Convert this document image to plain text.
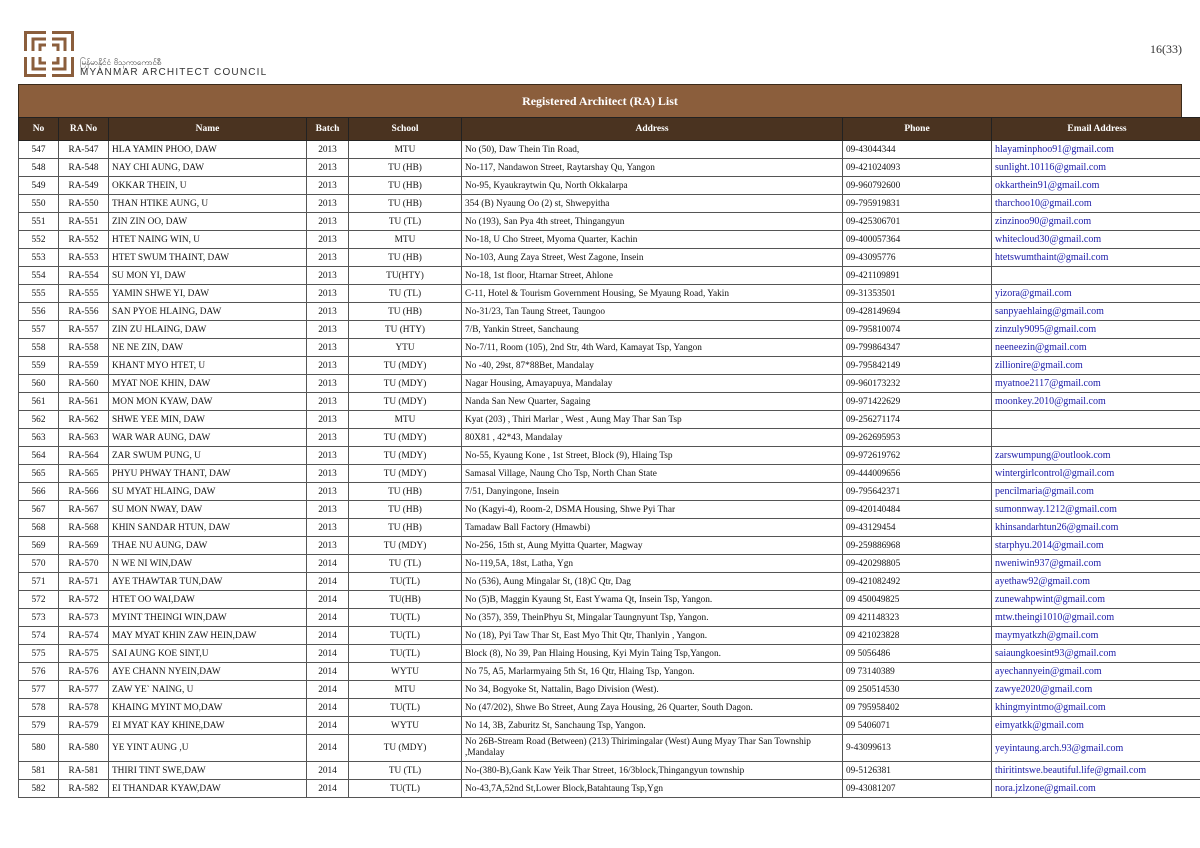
မြန်မာနိုင်ငံ ဗိသုကာကောင်စီ
MYANMAR ARCHITECT COUNCIL
16(33)
Registered Architect (RA) List
No	RA No	Name	Batch	School	Address	Phone	Email Address
547	RA-547	HLA YAMIN PHOO, DAW	2013	MTU	No (50), Daw Thein Tin Road,	09-43044344	hlayaminphoo91@gmail.com
548	RA-548	NAY CHI AUNG, DAW	2013	TU (HB)	No-117, Nandawon Street, Raytarshay Qu, Yangon	09-421024093	sunlight.10116@gmail.com
549	RA-549	OKKAR THEIN, U	2013	TU (HB)	No-95, Kyaukraytwin Qu, North Okkalarpa	09-960792600	okkarthein91@gmail.com
550	RA-550	THAN HTIKE AUNG, U	2013	TU (HB)	354 (B) Nyaung Oo (2) st, Shwepyitha	09-795919831	tharchoo10@gmail.com
551	RA-551	ZIN ZIN OO, DAW	2013	TU (TL)	No (193), San Pya 4th street, Thingangyun	09-425306701	zinzinoo90@gmail.com
552	RA-552	HTET NAING WIN, U	2013	MTU	No-18, U Cho Street, Myoma Quarter, Kachin	09-400057364	whitecloud30@gmail.com
553	RA-553	HTET SWUM THAINT, DAW	2013	TU (HB)	No-103, Aung Zaya Street, West Zagone, Insein	09-43095776	htetswumthaint@gmail.com
554	RA-554	SU MON YI, DAW	2013	TU(HTY)	No-18, 1st floor, Htarnar Street, Ahlone	09-421109891	
555	RA-555	YAMIN SHWE YI, DAW	2013	TU (TL)	C-11, Hotel & Tourism Government Housing, Se Myaung Road, Yakin	09-31353501	yizora@gmail.com
556	RA-556	SAN PYOE HLAING, DAW	2013	TU (HB)	No-31/23, Tan Taung Street, Taungoo	09-428149694	sanpyaehlaing@gmail.com
557	RA-557	ZIN ZU HLAING, DAW	2013	TU (HTY)	7/B, Yankin Street, Sanchaung	09-795810074	zinzuly9095@gmail.com
558	RA-558	NE NE ZIN, DAW	2013	YTU	No-7/11, Room (105), 2nd Str, 4th Ward, Kamayat Tsp, Yangon	09-799864347	neeneezin@gmail.com
559	RA-559	KHANT MYO HTET, U	2013	TU (MDY)	No -40, 29st, 87*88Bet, Mandalay	09-795842149	zillionire@gmail.com
560	RA-560	MYAT NOE KHIN, DAW	2013	TU (MDY)	Nagar Housing, Amayapuya, Mandalay	09-960173232	myatnoe2117@gmail.com
561	RA-561	MON MON KYAW, DAW	2013	TU (MDY)	Nanda San New Quarter, Sagaing	09-971422629	moonkey.2010@gmail.com
562	RA-562	SHWE YEE MIN, DAW	2013	MTU	Kyat (203) , Thiri Marlar , West , Aung May Thar San Tsp	09-256271174	
563	RA-563	WAR WAR AUNG, DAW	2013	TU (MDY)	80X81 , 42*43, Mandalay	09-262695953	
564	RA-564	ZAR SWUM PUNG, U	2013	TU (MDY)	No-55, Kyaung Kone , 1st Street, Block (9), Hlaing Tsp	09-972619762	zarswumpung@outlook.com
565	RA-565	PHYU PHWAY THANT, DAW	2013	TU (MDY)	Samasal Village, Naung Cho Tsp, North Chan State	09-444009656	wintergirlcontrol@gmail.com
566	RA-566	SU MYAT HLAING, DAW	2013	TU (HB)	7/51, Danyingone, Insein	09-795642371	pencilmaria@gmail.com
567	RA-567	SU MON NWAY, DAW	2013	TU (HB)	No (Kagyi-4), Room-2, DSMA Housing, Shwe Pyi Thar	09-420140484	sumonnway.1212@gmail.com
568	RA-568	KHIN SANDAR HTUN, DAW	2013	TU (HB)	Tamadaw Ball Factory (Hmawbi)	09-43129454	khinsandarhtun26@gmail.com
569	RA-569	THAE NU AUNG, DAW	2013	TU (MDY)	No-256, 15th st, Aung Myitta Quarter, Magway	09-259886968	starphyu.2014@gmail.com
570	RA-570	N WE NI WIN,DAW	2014	TU (TL)	No-119,5A, 18st, Latha, Ygn	09-420298805	nweniwin937@gmail.com
571	RA-571	AYE THAWTAR TUN,DAW	2014	TU(TL)	No (536), Aung Mingalar St, (18)C Qtr, Dag	09-421082492	ayethaw92@gmail.com
572	RA-572	HTET OO WAI,DAW	2014	TU(HB)	No (5)B, Maggin Kyaung St, East Ywama Qt, Insein Tsp, Yangon.	09 450049825	zunewahpwint@gmail.com
573	RA-573	MYINT THEINGI WIN,DAW	2014	TU(TL)	No (357), 359, TheinPhyu St, Mingalar Taungnyunt Tsp, Yangon.	09 421148323	mtw.theingi1010@gmail.com
574	RA-574	MAY MYAT KHIN ZAW HEIN,DAW	2014	TU(TL)	No (18), Pyi Taw Thar St, East Myo Thit Qtr, Thanlyin , Yangon.	09 421023828	maymyatkzh@gmail.com
575	RA-575	SAI AUNG KOE SINT,U	2014	TU(TL)	Block (8), No 39, Pan Hlaing Housing, Kyi Myin Taing Tsp,Yangon.	09 5056486	saiaungkoesint93@gmail.com
576	RA-576	AYE CHANN NYEIN,DAW	2014	WYTU	No 75, A5, Marlarmyaing 5th St, 16 Qtr, Hlaing Tsp, Yangon.	09 73140389	ayechannyein@gmail.com
577	RA-577	ZAW YE` NAING, U	2014	MTU	No 34, Bogyoke St, Nattalin, Bago Division (West).	09 250514530	zawye2020@gmail.com
578	RA-578	KHAING MYINT MO,DAW	2014	TU(TL)	No (47/202), Shwe Bo Street, Aung Zaya Housing, 26 Quarter, South Dagon.	09 795958402	khingmyintmo@gmail.com
579	RA-579	EI MYAT KAY KHINE,DAW	2014	WYTU	No 14, 3B, Zaburitz St, Sanchaung Tsp, Yangon.	09 5406071	eimyatkk@gmail.com
580	RA-580	YE YINT AUNG ,U	2014	TU (MDY)	No 26B-Stream Road (Between) (213) Thirimingalar (West) Aung Myay Thar San Township ,Mandalay	9-43099613	yeyintaung.arch.93@gmail.com
581	RA-581	THIRI TINT SWE,DAW	2014	TU (TL)	No-(380-B),Gank Kaw Yeik Thar Street, 16/3block,Thingangyun township	09-5126381	thiritintswe.beautiful.life@gmail.com
582	RA-582	EI THANDAR KYAW,DAW	2014	TU(TL)	No-43,7A,52nd St,Lower Block,Batahtaung Tsp,Ygn	09-43081207	nora.jzlzone@gmail.com
